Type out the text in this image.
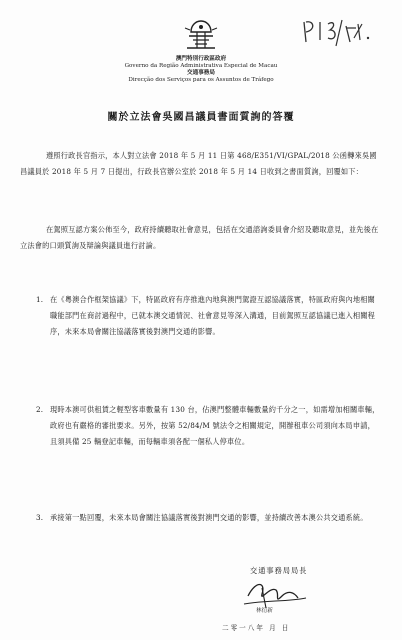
澳門特別行政區政府
Governo da Região Administrativa Especial de Macau
交通事務局
Direcção dos Serviços para os Assuntos de Tráfego
關於立法會吳國昌議員書面質詢的答覆
遵照行政長官指示，本人對立法會 2018 年 5 月 11 日第 468/E351/VI/GPAL/2018 公函轉來吳國昌議員於 2018 年 5 月 7 日提出，行政長官辦公室於 2018 年 5 月 14 日收到之書面質詢，回覆如下：
在駕照互認方案公佈至今，政府持續聽取社會意見，包括在交通諮詢委員會介紹及聽取意見，並先後在立法會的口頭質詢及辯論與議員進行討論。
1. 在《粵澳合作框架協議》下，特區政府有序推進內地與澳門駕證互認協議落實，特區政府與內地相關職能部門在商討過程中，已就本澳交通情況、社會意見等深入溝通，目前駕照互認協議已進入相關程序，未來本局會關注協議落實後對澳門交通的影響。
2. 現時本澳可供租賃之輕型客車數量有 130 台，佔澳門整體車輛數量約千分之一，如需增加相關車輛，政府也有嚴格的審批要求。另外，按第 52/84/M 號法令之相關規定，開辦租車公司須向本局申請，且須具備 25 輛登記車輛，而每輛車須各配一個私人停車位。
3. 承接第一點回覆，未來本局會關注協議落實後對澳門交通的影響，並持續改善本澳公共交通系統。
交通事務局局長
林衍新
二零一八年 月 日
